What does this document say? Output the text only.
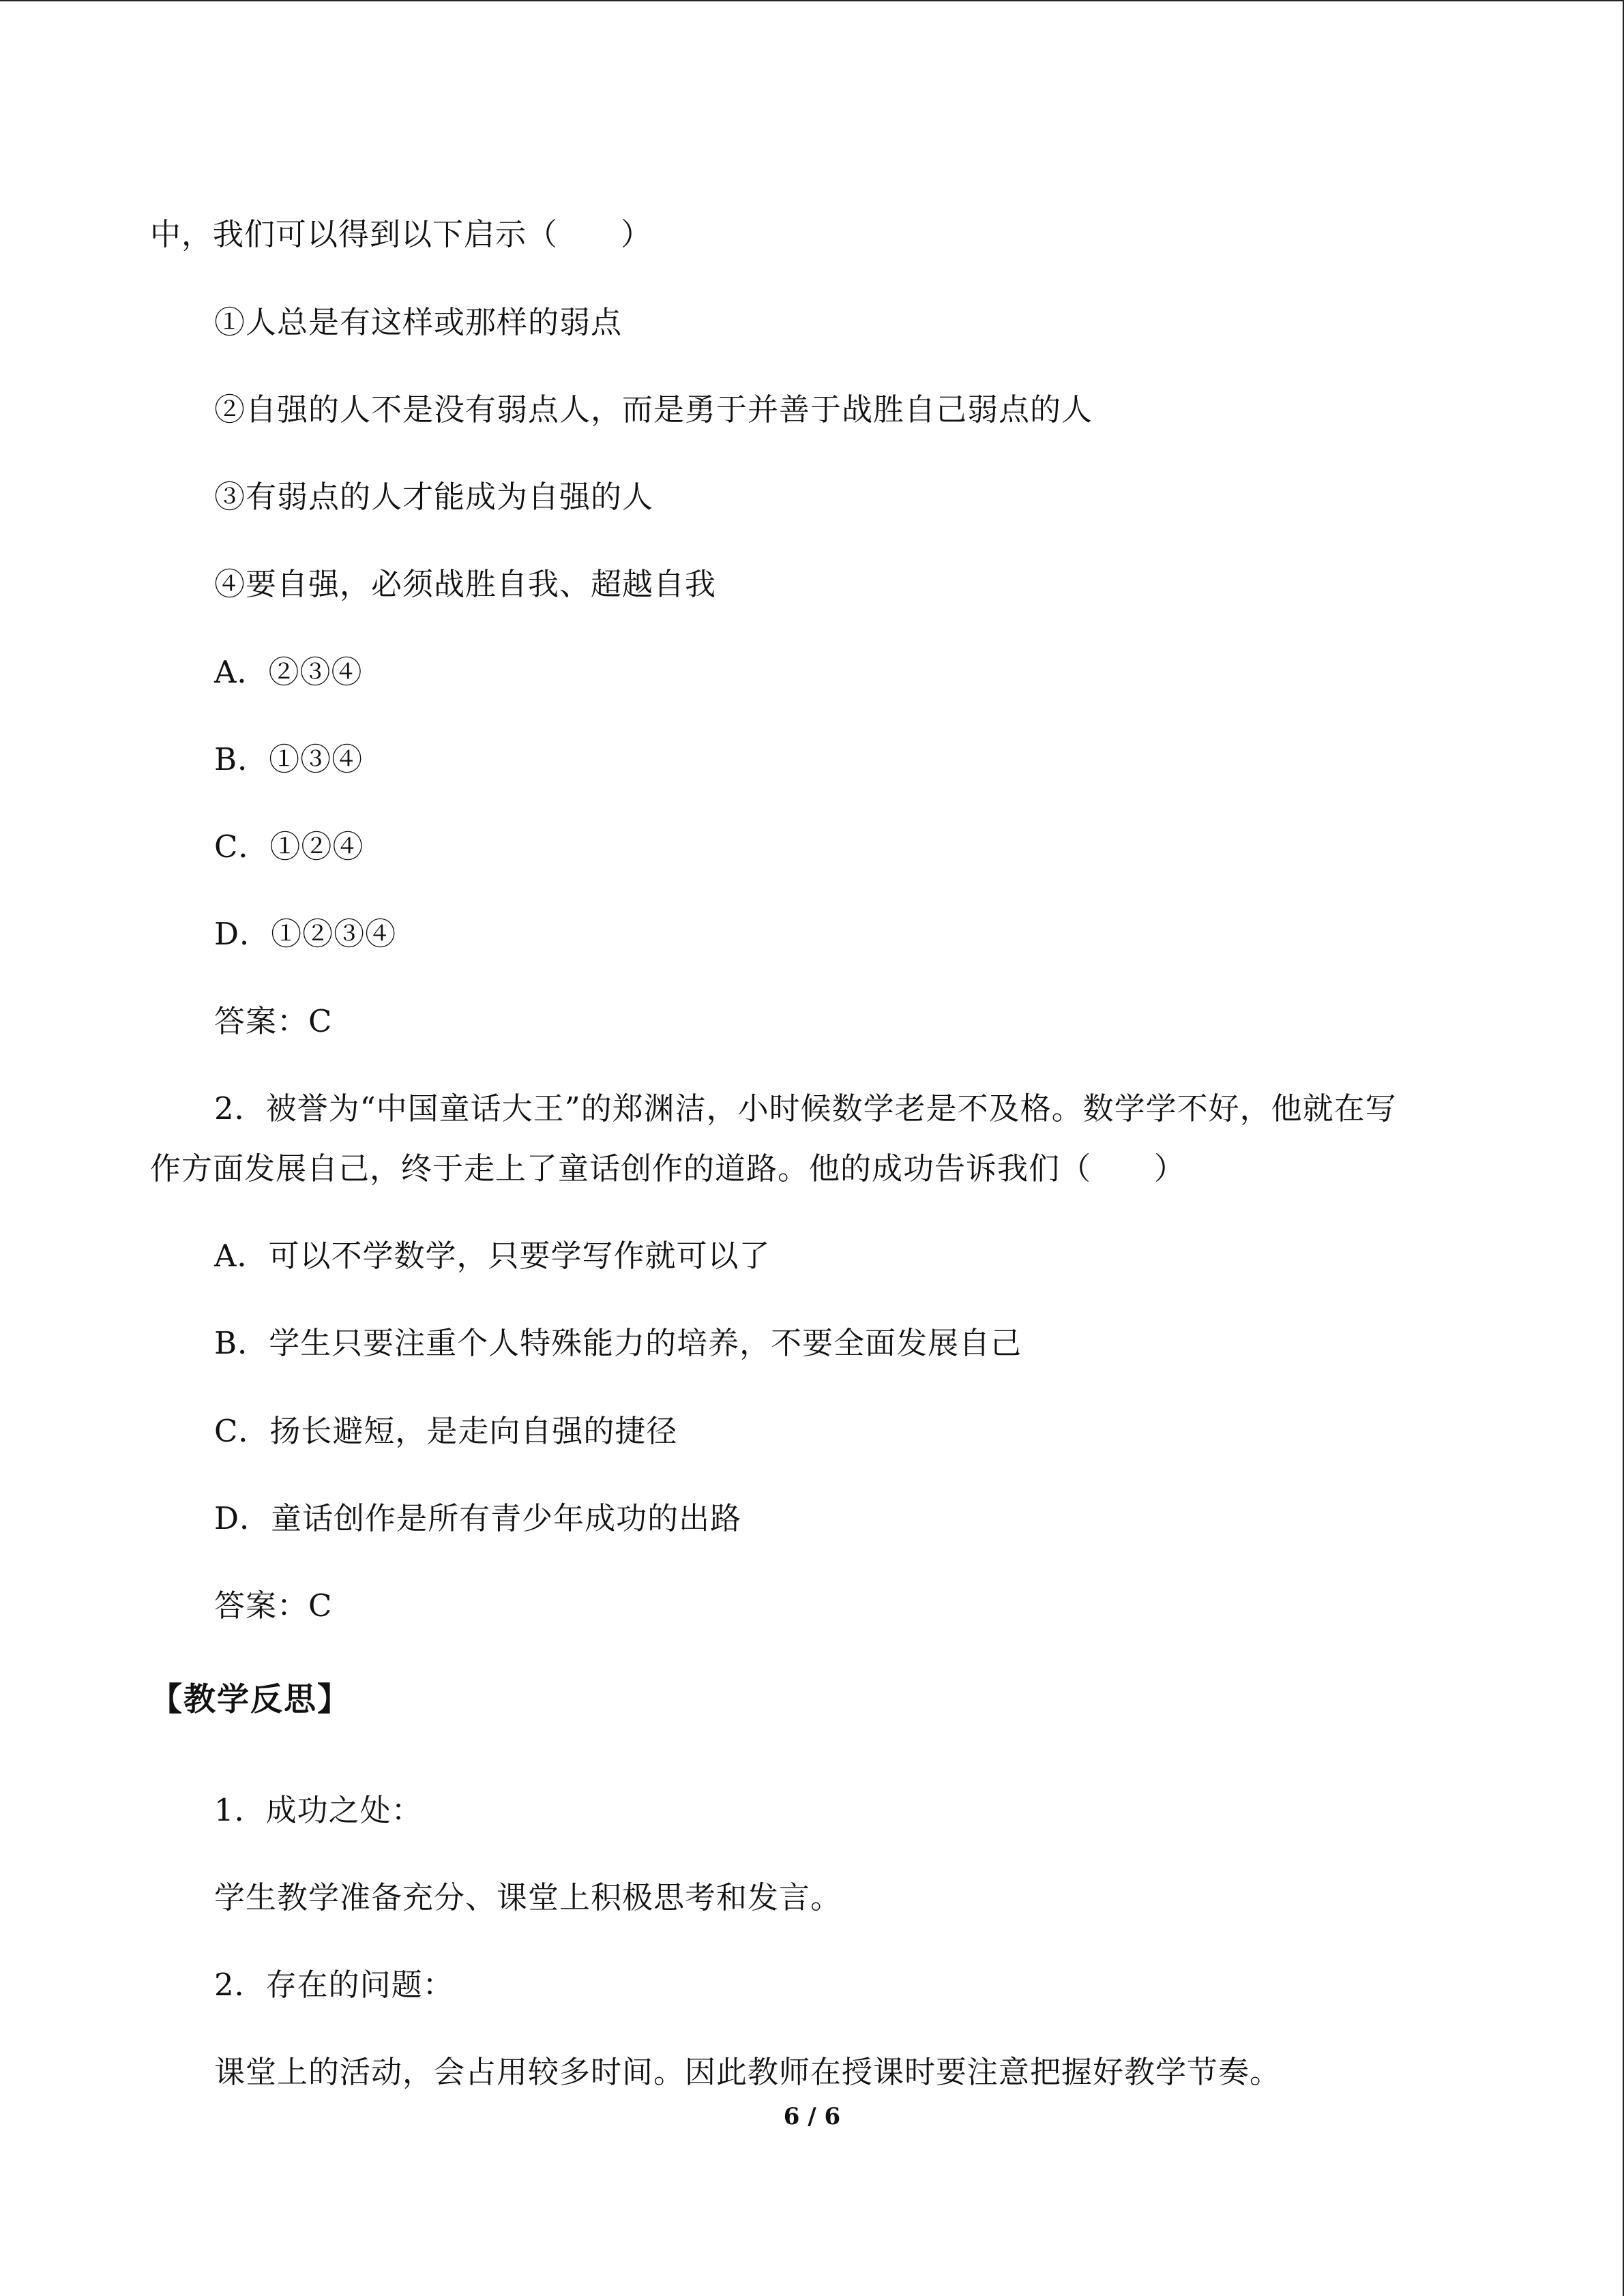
中，我们可以得到以下启示（　　）
①人总是有这样或那样的弱点
②自强的人不是没有弱点人，而是勇于并善于战胜自己弱点的人
③有弱点的人才能成为自强的人
④要自强，必须战胜自我、超越自我
A．②③④
B．①③④
C．①②④
D．①②③④
答案：C
2．被誉为“中国童话大王”的郑渊洁，小时候数学老是不及格。数学学不好，他就在写
作方面发展自己，终于走上了童话创作的道路。他的成功告诉我们（　　）
A．可以不学数学，只要学写作就可以了
B．学生只要注重个人特殊能力的培养，不要全面发展自己
C．扬长避短，是走向自强的捷径
D．童话创作是所有青少年成功的出路
答案：C
【教学反思】
1．成功之处：
学生教学准备充分、课堂上积极思考和发言。
2．存在的问题：
课堂上的活动，会占用较多时间。因此教师在授课时要注意把握好教学节奏。
6 / 6
